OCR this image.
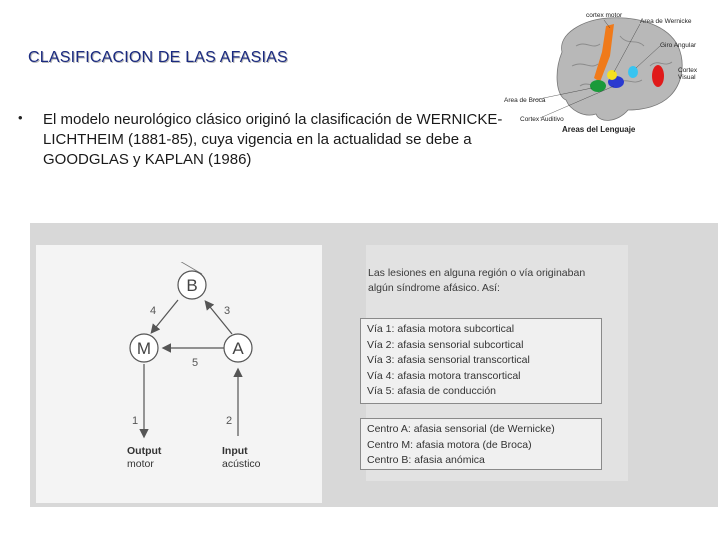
CLASIFICACION DE LAS AFASIAS
• El modelo neurológico clásico originó la clasificación de WERNICKE-LICHTHEIM (1881-85), cuya vigencia en la actualidad se debe a GOODGLAS y KAPLAN (1986)
cortex motor
Area de Wernicke
Giro Angular
Cortex
Visual
Area de Broca
Cortex Auditivo
Areas del Lenguaje
B
M	A
4	3
5
1	2
Output
motor
Input
acústico
Las lesiones en alguna región o vía originaban algún síndrome afásico. Así:
Vía 1: afasia motora subcortical
Vía 2: afasia sensorial subcortical
Vía 3: afasia sensorial transcortical
Vía 4: afasia motora transcortical
Vía 5: afasia de conducción
Centro A: afasia sensorial (de Wernicke)
Centro M: afasia motora (de Broca)
Centro B: afasia anómica
